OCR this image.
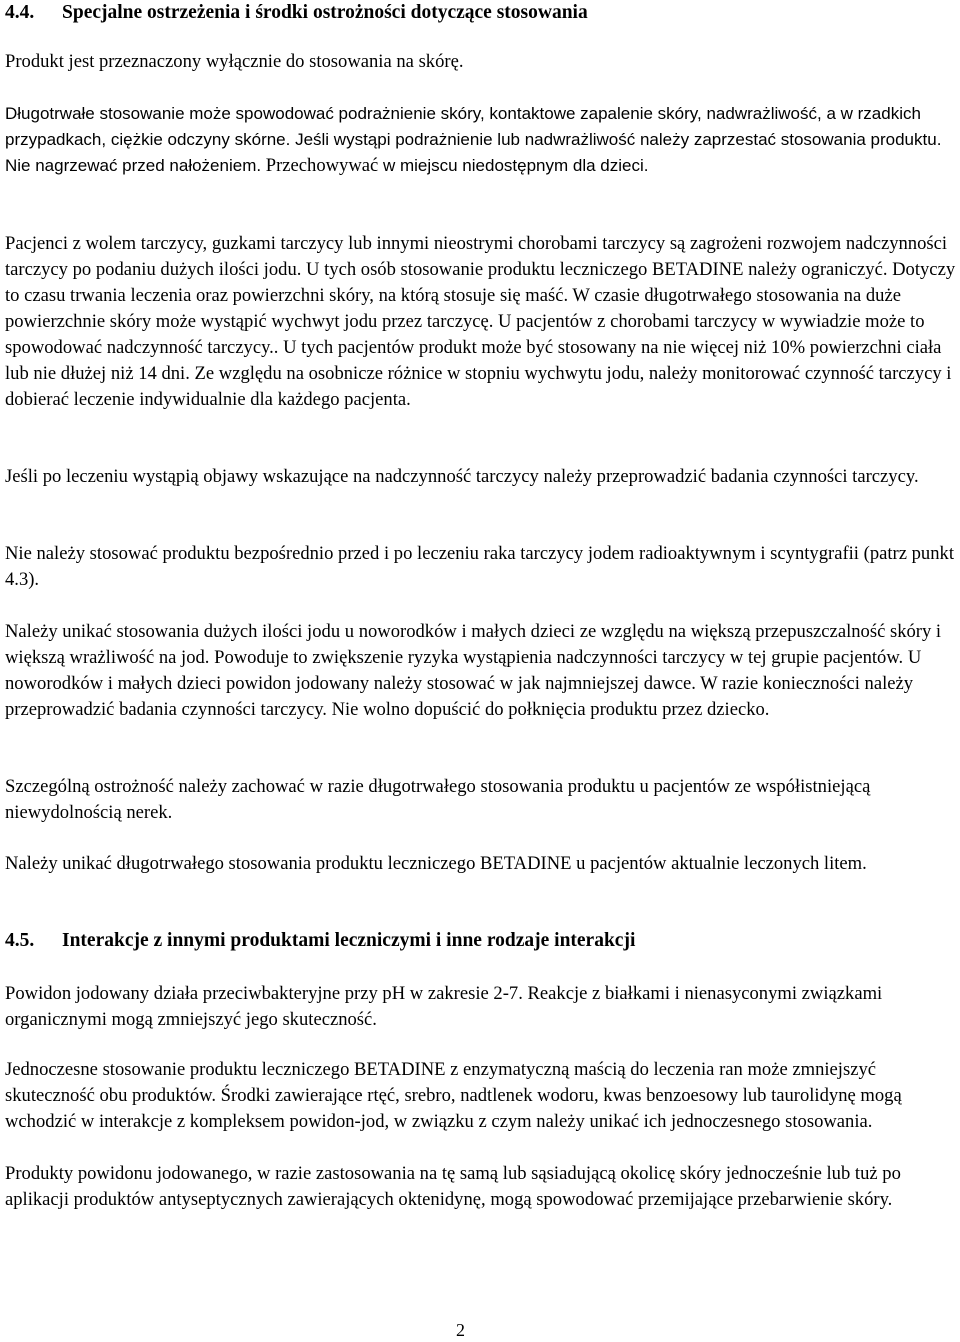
4.4. Specjalne ostrzeżenia i środki ostrożności dotyczące stosowania
Produkt jest przeznaczony wyłącznie do stosowania na skórę.
Długotrwałe stosowanie może spowodować podrażnienie skóry, kontaktowe zapalenie skóry, nadwrażliwość, a w rzadkich przypadkach, ciężkie odczyny skórne. Jeśli wystąpi podrażnienie lub nadwrażliwość należy zaprzestać stosowania produktu. Nie nagrzewać przed nałożeniem. Przechowywać w miejscu niedostępnym dla dzieci.
Pacjenci z wolem tarczycy, guzkami tarczycy lub innymi nieostrymi chorobami tarczycy są zagrożeni rozwojem nadczynności tarczycy po podaniu dużych ilości jodu. U tych osób stosowanie produktu leczniczego BETADINE należy ograniczyć. Dotyczy to czasu trwania leczenia oraz powierzchni skóry, na którą stosuje się maść. W czasie długotrwałego stosowania na duże powierzchnie skóry może wystąpić wychwyt jodu przez tarczycę. U pacjentów z chorobami tarczycy w wywiadzie może to spowodować nadczynność tarczycy.. U tych pacjentów produkt może być stosowany na nie więcej niż 10% powierzchni ciała lub nie dłużej niż 14 dni. Ze względu na osobnicze różnice w stopniu wychwytu jodu, należy monitorować czynność tarczycy i dobierać leczenie indywidualnie dla każdego pacjenta.
Jeśli po leczeniu wystąpią objawy wskazujące na nadczynność tarczycy należy przeprowadzić badania czynności tarczycy.
Nie należy stosować produktu bezpośrednio przed i po leczeniu raka tarczycy jodem radioaktywnym i scyntygrafii (patrz punkt 4.3).
Należy unikać stosowania dużych ilości jodu u noworodków i małych dzieci ze względu na większą przepuszczalność skóry i większą wrażliwość na jod. Powoduje to zwiększenie ryzyka wystąpienia nadczynności tarczycy w tej grupie pacjentów. U noworodków i małych dzieci powidon jodowany należy stosować w jak najmniejszej dawce. W razie konieczności należy przeprowadzić badania czynności tarczycy. Nie wolno dopuścić do połknięcia produktu przez dziecko.
Szczególną ostrożność należy zachować w razie długotrwałego stosowania produktu u pacjentów ze współistniejącą niewydolnością nerek.
Należy unikać długotrwałego stosowania produktu leczniczego BETADINE u pacjentów aktualnie leczonych litem.
4.5. Interakcje z innymi produktami leczniczymi i inne rodzaje interakcji
Powidon jodowany działa przeciwbakteryjne przy pH w zakresie 2-7. Reakcje z białkami i nienasyconymi związkami organicznymi mogą zmniejszyć jego skuteczność.
Jednoczesne stosowanie produktu leczniczego BETADINE z enzymatyczną maścią do leczenia ran może zmniejszyć skuteczność obu produktów. Środki zawierające rtęć, srebro, nadtlenek wodoru, kwas benzoesowy lub taurolidynę mogą wchodzić w interakcje z kompleksem powidon-jod, w związku z czym należy unikać ich jednoczesnego stosowania.
Produkty powidonu jodowanego, w razie zastosowania na tę samą lub sąsiadującą okolicę skóry jednocześnie lub tuż po aplikacji produktów antyseptycznych zawierających oktenidynę, mogą spowodować przemijające przebarwienie skóry.
2
